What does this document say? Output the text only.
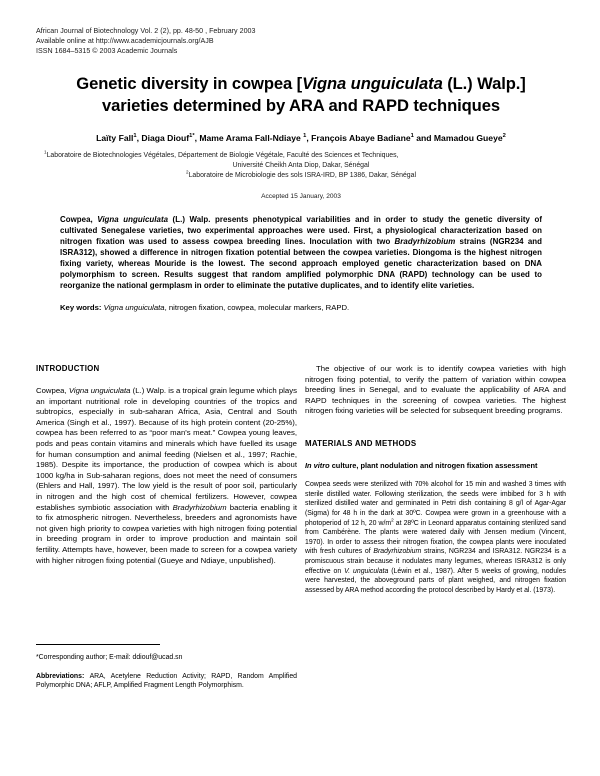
African Journal of Biotechnology Vol. 2 (2), pp. 48-50 , February 2003
Available online at http://www.academicjournals.org/AJB
ISSN 1684–5315 © 2003 Academic Journals
Genetic diversity in cowpea [Vigna unguiculata (L.) Walp.]
varieties determined by ARA and RAPD techniques
Laïty Fall$^1$, Diaga Diouf$^{1*}$, Mame Arama Fall-Ndiaye $^1$, François Abaye Badiane$^1$ and Mamadou Gueye$^2$
$^1$Laboratoire de Biotechnologies Végétales, Département de Biologie Végétale, Faculté des Sciences et Techniques,
Université Cheikh Anta Diop, Dakar, Sénégal
$^2$Laboratoire de Microbiologie des sols ISRA-IRD, BP 1386, Dakar, Sénégal
Accepted 15 January, 2003
Cowpea, Vigna unguiculata (L.) Walp. presents phenotypical variabilities and in order to study the genetic diversity of cultivated Senegalese varieties, two experimental approaches were used. First, a physiological characterization based on nitrogen fixation was used to assess cowpea breeding lines. Inoculation with two Bradyrhizobium strains (NGR234 and ISRA312), showed a difference in nitrogen fixation potential between the cowpea varieties. Diongoma is the highest nitrogen fixing variety, whereas Mouride is the lowest. The second approach employed genetic characterization based on DNA polymorphism to screen. Results suggest that random amplified polymorphic DNA (RAPD) technology can be used to reorganize the national germplasm in order to eliminate the putative duplicates, and to identify elite varieties.
Key words: Vigna unguiculata, nitrogen fixation, cowpea, molecular markers, RAPD.
INTRODUCTION

Cowpea, Vigna unguiculata (L.) Walp. is a tropical grain legume which plays an important nutritional role in developing countries of the tropics and subtropics, especially in sub-saharan Africa, Asia, Central and South America (Singh et al., 1997). Because of its high protein content (20-25%), cowpea has been referred to as “poor man's meat.” Cowpea young leaves, pods and peas contain vitamins and minerals which have fuelled its usage for human consumption and animal feeding (Nielsen et al., 1997; Rachie, 1985). Despite its importance, the production of cowpea which is about 1000 kg/ha in Sub-saharan regions, does not meet the need of consumers (Ehlers and Hall, 1997). The low yield is the result of poor soil, particularly in nitrogen and the high cost of chemical fertilizers. However, cowpea establishes symbiotic association with Bradyrhizobium bacteria enabling it to fix atmospheric nitrogen. Nevertheless, breeders and agronomists have not given high priority to cowpea varieties with high nitrogen fixing potential in breeding program in order to improve production and maintain soil fertility. Attempts have, however, been made to screen for a cowpea variety with higher nitrogen fixing potential (Gueye and Ndiaye, unpublished).

The objective of our work is to identify cowpea varieties with high nitrogen fixing potential, to verify the pattern of variation within cowpea breeding lines in Senegal, and to evaluate the applicability of ARA and RAPD techniques in the screening of cowpea varieties. The highest nitrogen fixing varieties will be selected for subsequent breeding programs.

MATERIALS AND METHODS
In vitro culture, plant nodulation and nitrogen fixation assessment

Cowpea seeds were sterilized with 70% alcohol for 15 min and washed 3 times with sterile distilled water. Following sterilization, the seeds were imbibed for 3 h with sterilized distilled water and germinated in Petri dish containing 8 g/l of Agar-Agar (Sigma) for 48 h in the dark at 30ºC. Cowpea were grown in a greenhouse with a photoperiod of 12 h, 20 $w/m^2$ at 28ºC in Leonard apparatus containing sterilized sand from Cambérène. The plants were watered daily with Jensen medium (Vincent, 1970). In order to assess their nitrogen fixation, the cowpea plants were inoculated with fresh cultures of Bradyrhizobium strains, NGR234 and ISRA312. NGR234 is a promiscuous strain because it nodulates many legumes, whereas ISRA312 is only effective on V. unguiculata (Léwin et al., 1987). After 5 weeks of growing, nodules were harvested, the aboveground parts of plant weighed, and nitrogen fixation assessed by ARA method according the protocol described by Hardy et al. (1973).

*Corresponding author; E-mail: ddiouf@ucad.sn
Abbreviations: ARA, Acetylene Reduction Activity; RAPD, Random Amplified Polymorphic DNA; AFLP, Amplified Fragment Length Polymorphism.
